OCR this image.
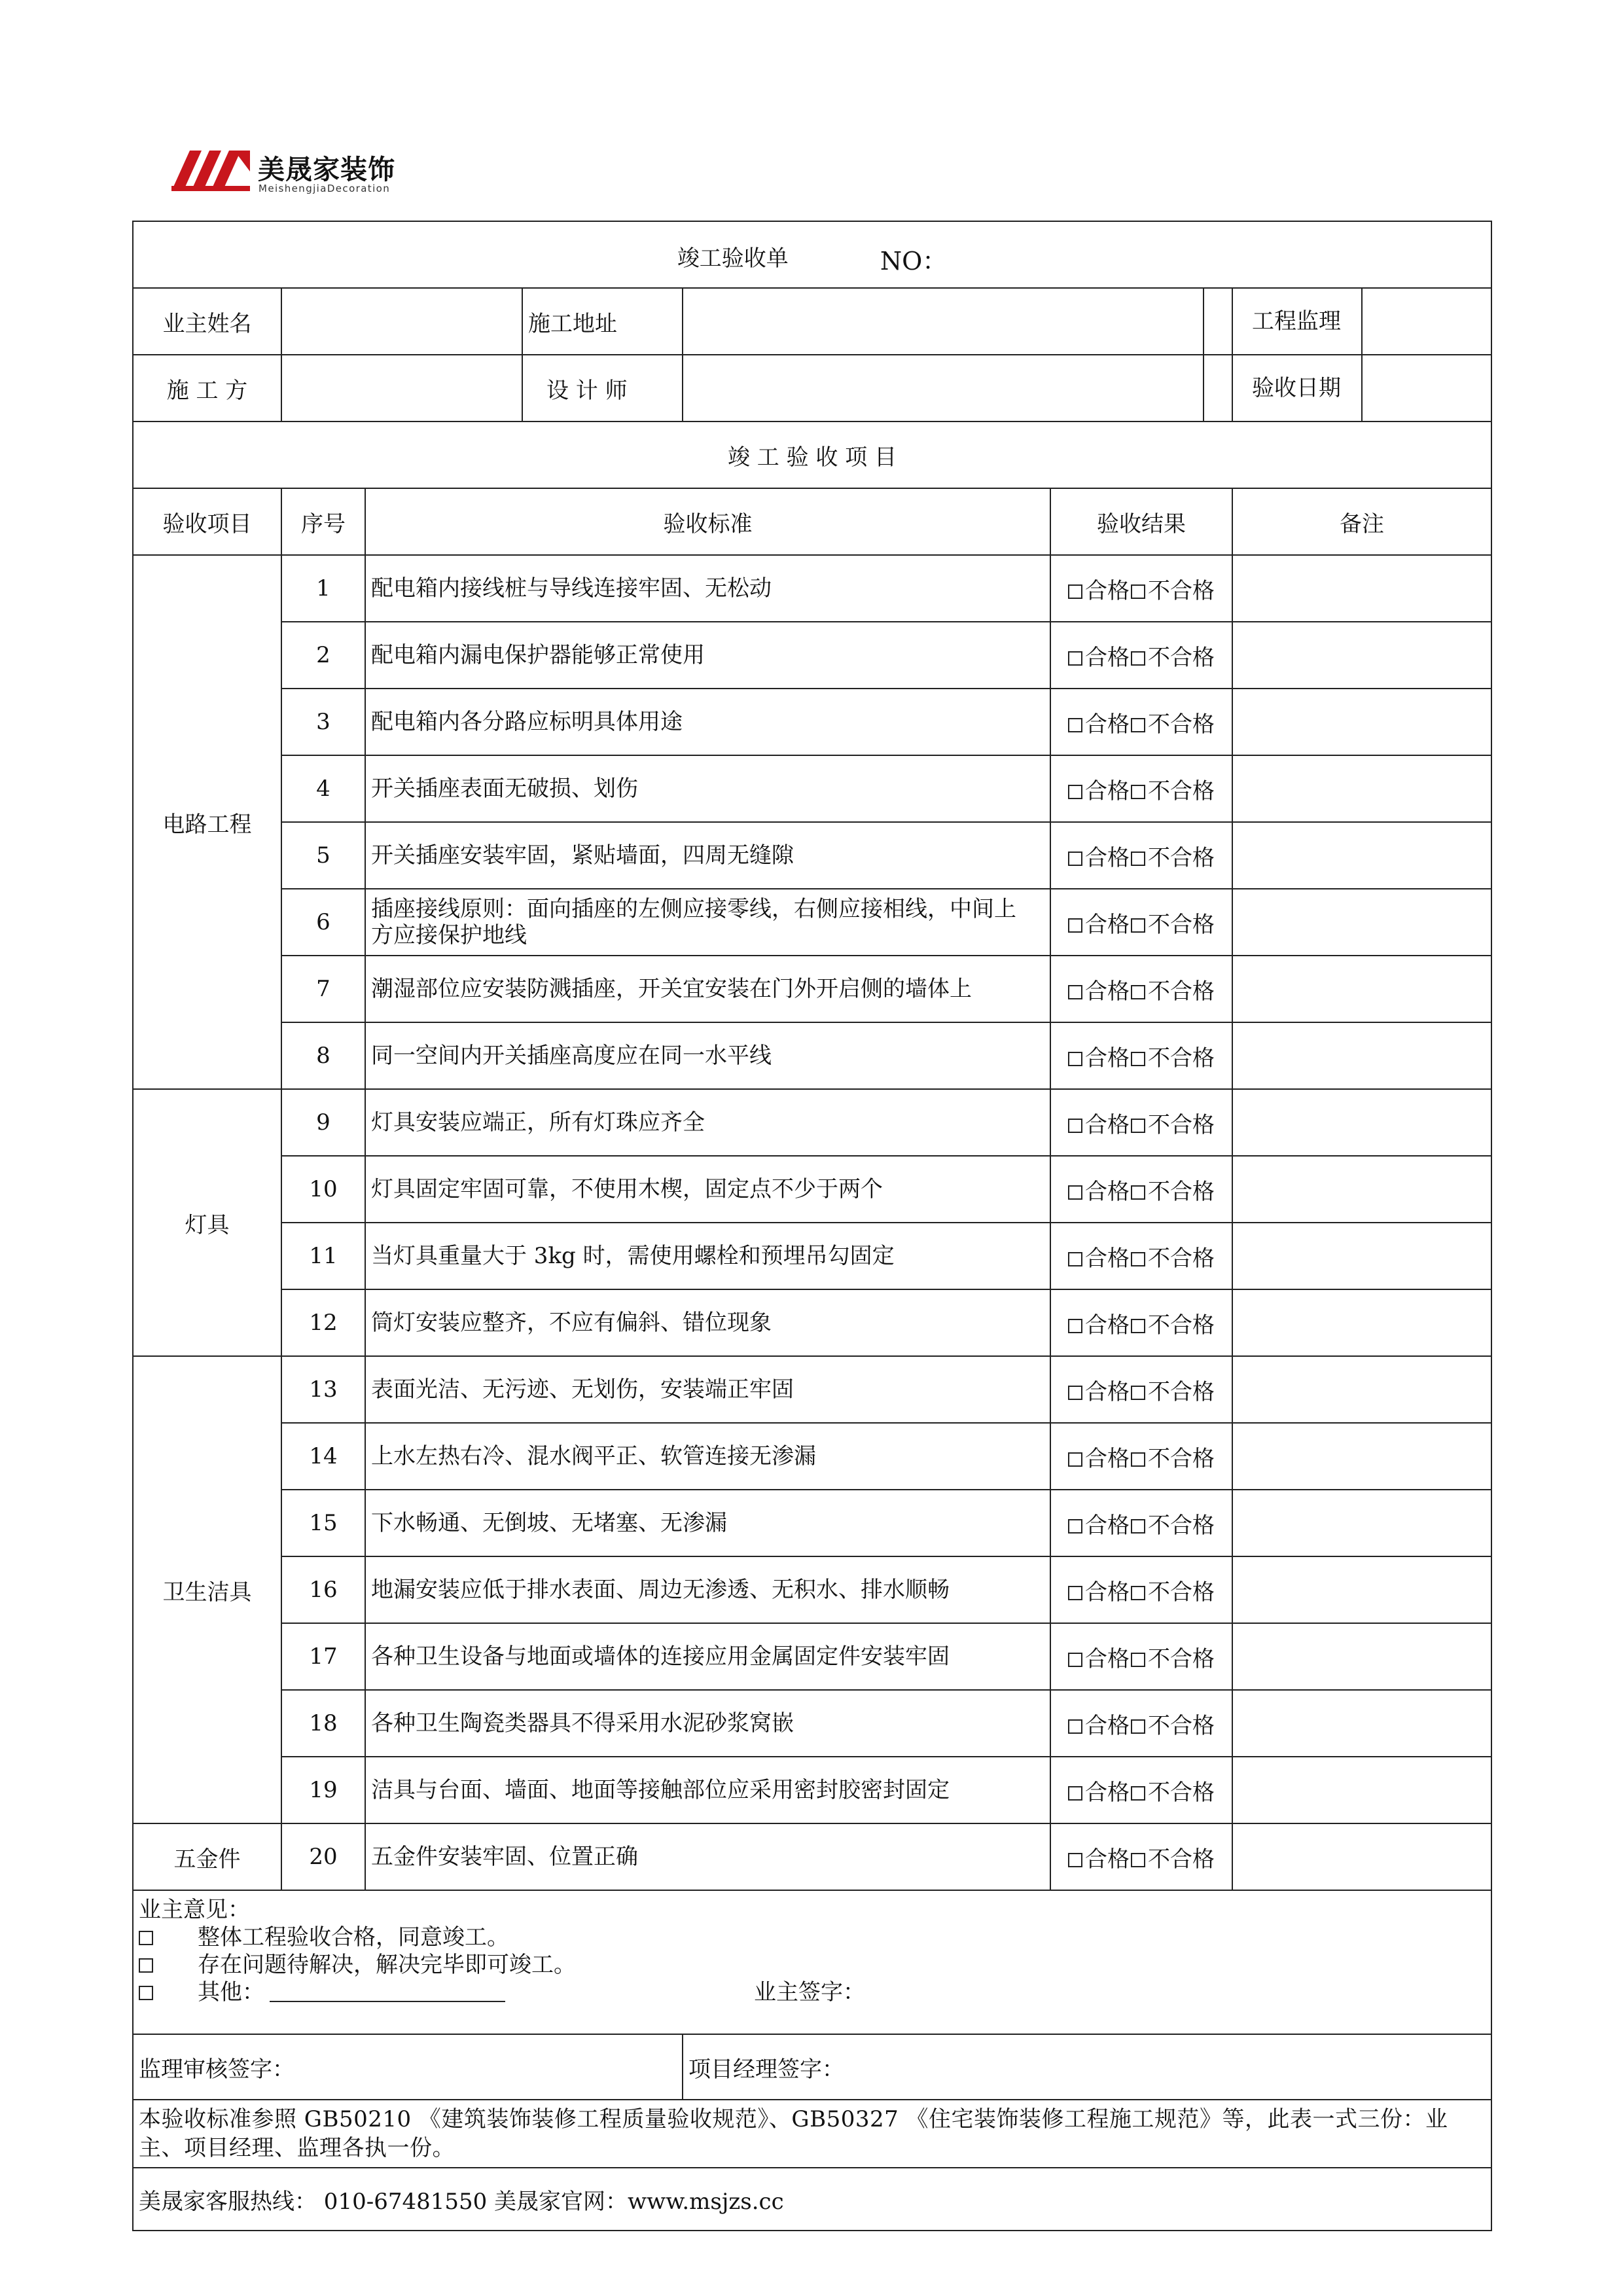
美晟家装饰
MeishengjiaDecoration
竣工验收单 NO：							
业主姓名			施工地址				工程监理

施 工 方			设 计 师				验收日期

竣 工 验 收 项 目							
验收项目	序号	验收标准			验收结果		备注
电路工程	1	配电箱内接线桩与导线连接牢固、无松动			合格 不合格		
	2	配电箱内漏电保护器能够正常使用			合格 不合格		
	3	配电箱内各分路应标明具体用途			合格 不合格		
	4	开关插座表面无破损、划伤			合格 不合格		
	5	开关插座安装牢固，紧贴墙面，四周无缝隙			合格 不合格		
	6	插座接线原则：面向插座的左侧应接零线，右侧应接相线，中间上方应接保护地线			合格 不合格		
	7	潮湿部位应安装防溅插座，开关宜安装在门外开启侧的墙体上			合格 不合格		
	8	同一空间内开关插座高度应在同一水平线			合格 不合格		
灯具	9	灯具安装应端正，所有灯珠应齐全			合格 不合格		
	10	灯具固定牢固可靠，不使用木楔，固定点不少于两个			合格 不合格		
	11	当灯具重量大于 3kg 时，需使用螺栓和预埋吊勾固定			合格 不合格		
	12	筒灯安装应整齐，不应有偏斜、错位现象			合格 不合格		
卫生洁具	13	表面光洁、无污迹、无划伤，安装端正牢固			合格 不合格		
	14	上水左热右冷、混水阀平正、软管连接无渗漏			合格 不合格		
	15	下水畅通、无倒坡、无堵塞、无渗漏			合格 不合格		
	16	地漏安装应低于排水表面、周边无渗透、无积水、排水顺畅			合格 不合格		
	17	各种卫生设备与地面或墙体的连接应用金属固定件安装牢固			合格 不合格		
	18	各种卫生陶瓷类器具不得采用水泥砂浆窝嵌			合格 不合格		
	19	洁具与台面、墙面、地面等接触部位应采用密封胶密封固定			合格 不合格		
五金件	20	五金件安装牢固、位置正确			合格 不合格		

业主意见：
整体工程验收合格，同意竣工。
存在问题待解决，解决完毕即可竣工。
其他： 业主签字：							

监理审核签字：				项目经理签字：			
本验收标准参照 GB50210 《建筑装饰装修工程质量验收规范》、GB50327 《住宅装饰装修工程施工规范》等，此表一式三份：业主、项目经理、监理各执一份。							
美晟家客服热线： 010-67481550 美晟家官网：www.msjzs.cc							
